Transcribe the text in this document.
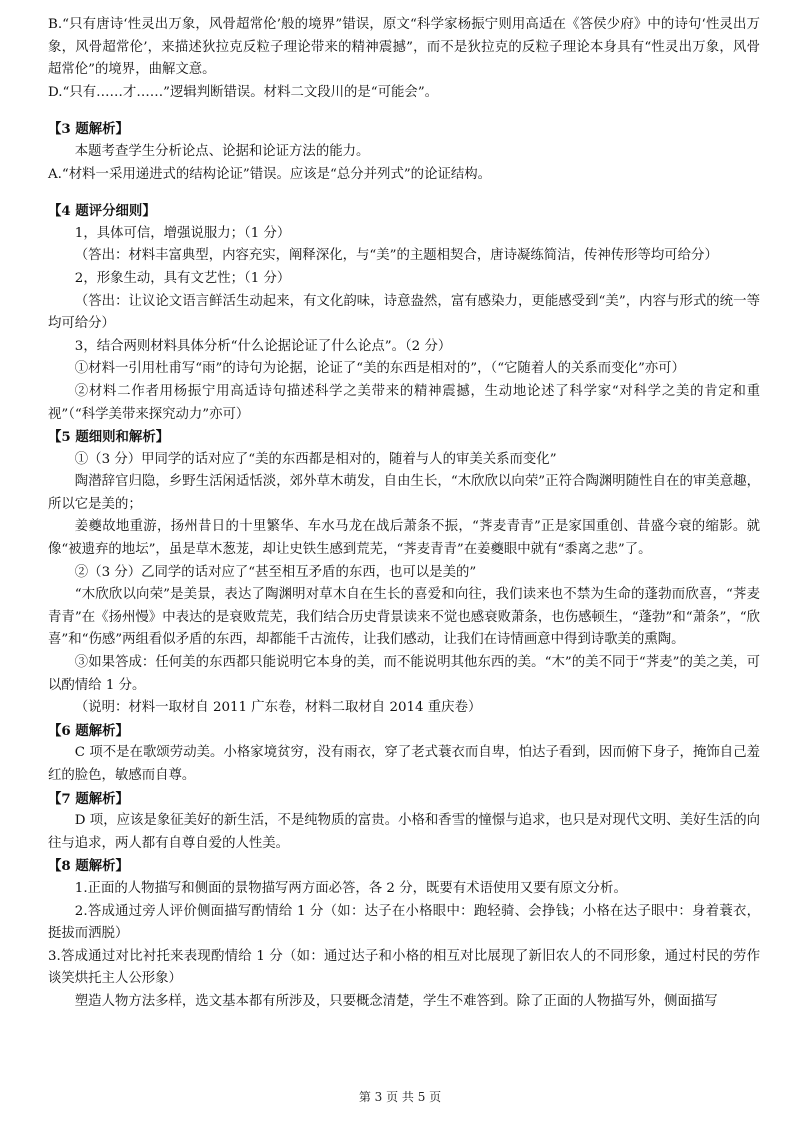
B.“只有唐诗‘性灵出万象，风骨超常伦’般的境界”错误，原文“科学家杨振宁则用高适在《答侯少府》中的诗句‘性灵出万象，风骨超常伦’，来描述狄拉克反粒子理论带来的精神震撼”，而不是狄拉克的反粒子理论本身具有“性灵出万象，风骨超常伦”的境界，曲解文意。

D.“只有……才……”逻辑判断错误。材料二文段川的是“可能会”。

【3 题解析】

本题考查学生分析论点、论据和论证方法的能力。

A.“材料一采用递进式的结构论证”错误。应该是“总分并列式”的论证结构。

【4 题评分细则】

1，具体可信，增强说服力；（1 分）

（答出：材料丰富典型，内容充实，阐释深化，与“美”的主题相契合，唐诗凝练简洁，传神传形等均可给分）

2，形象生动，具有文艺性；（1 分）

（答出：让议论文语言鲜活生动起来，有文化韵味，诗意盎然，富有感染力，更能感受到“美”，内容与形式的统一等均可给分）

3，结合两则材料具体分析“什么论据论证了什么论点”。（2 分）

①材料一引用杜甫写“雨”的诗句为论据，论证了“美的东西是相对的”，（“它随着人的关系而变化”亦可）

②材料二作者用杨振宁用高适诗句描述科学之美带来的精神震撼，生动地论述了科学家“对科学之美的肯定和重视”（“科学美带来探究动力”亦可）

【5 题细则和解析】

①（3 分）甲同学的话对应了“美的东西都是相对的，随着与人的审美关系而变化”

陶潜辞官归隐，乡野生活闲适恬淡，郊外草木萌发，自由生长，“木欣欣以向荣”正符合陶渊明随性自在的审美意趣，所以它是美的；

姜夔故地重游，扬州昔日的十里繁华、车水马龙在战后萧条不振，“荠麦青青”正是家国重创、昔盛今衰的缩影。就像“被遗弃的地坛”，虽是草木葱茏，却让史铁生感到荒芜，“荠麦青青”在姜夔眼中就有“黍离之悲”了。

②（3 分）乙同学的话对应了“甚至相互矛盾的东西，也可以是美的”

“木欣欣以向荣”是美景，表达了陶渊明对草木自在生长的喜爱和向往，我们读来也不禁为生命的蓬勃而欣喜，“荠麦青青”在《扬州慢》中表达的是衰败荒芜，我们结合历史背景读来不觉也感衰败萧条，也伤感顿生，“蓬勃”和“萧条”，“欣喜”和“伤感”两组看似矛盾的东西，却都能千古流传，让我们感动，让我们在诗情画意中得到诗歌美的熏陶。

③如果答成：任何美的东西都只能说明它本身的美，而不能说明其他东西的美。“木”的美不同于“荠麦”的美之美，可以酌情给 1 分。

（说明：材料一取材自 2011 广东卷，材料二取材自 2014 重庆卷）

【6 题解析】

C 项不是在歌颂劳动美。小格家境贫穷，没有雨衣，穿了老式蓑衣而自卑，怕达子看到，因而俯下身子，掩饰自己羞红的脸色，敏感而自尊。

【7 题解析】

D 项，应该是象征美好的新生活，不是纯物质的富贵。小格和香雪的憧憬与追求，也只是对现代文明、美好生活的向往与追求，两人都有自尊自爱的人性美。

【8 题解析】

1.正面的人物描写和侧面的景物描写两方面必答，各 2 分，既要有术语使用又要有原文分析。

2.答成通过旁人评价侧面描写酌情给 1 分（如：达子在小格眼中：跑轻骑、会挣钱；小格在达子眼中：身着蓑衣，挺拔而洒脱）

3.答成通过对比衬托来表现酌情给 1 分（如：通过达子和小格的相互对比展现了新旧农人的不同形象，通过村民的劳作谈笑烘托主人公形象）

塑造人物方法多样，选文基本都有所涉及，只要概念清楚，学生不难答到。除了正面的人物描写外，侧面描写

第 3 页 共 5 页
